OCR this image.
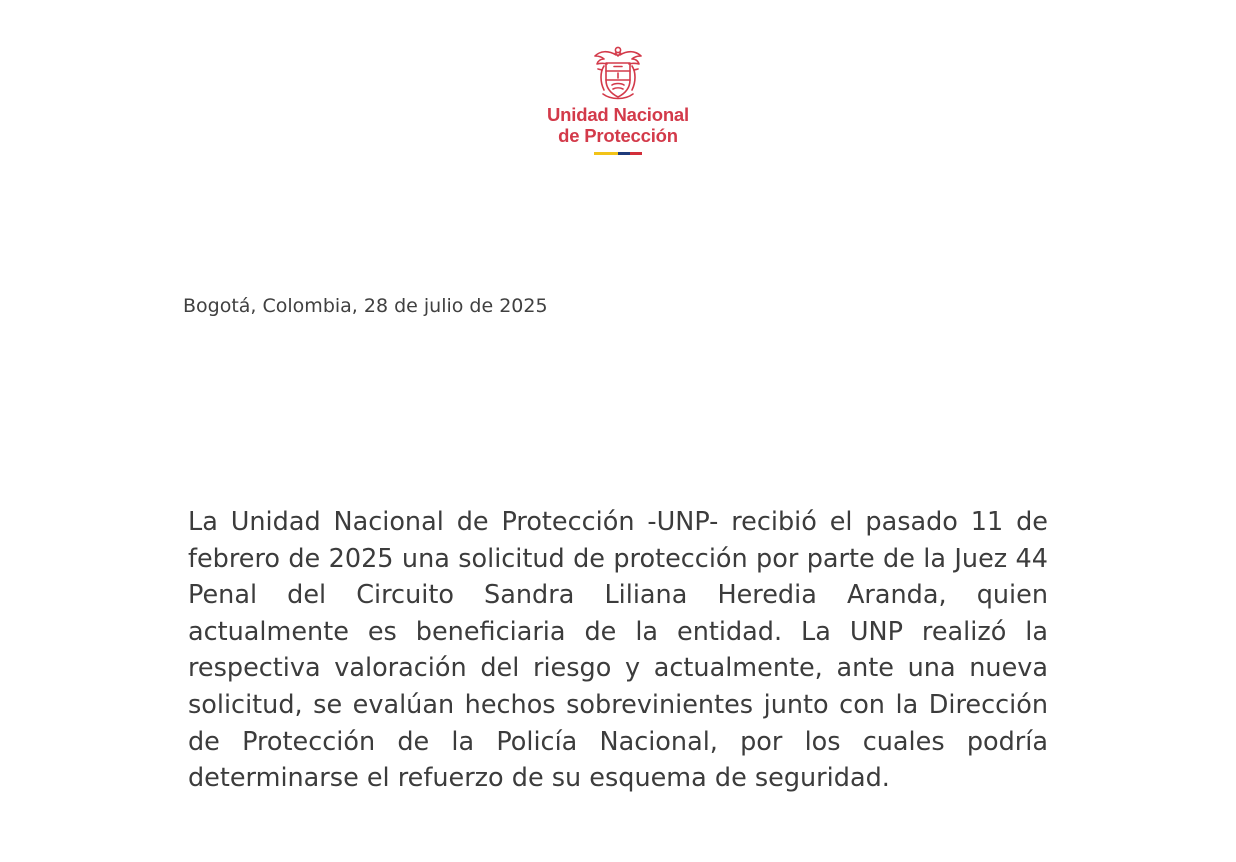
Unidad Nacional
de Protección
Bogotá, Colombia, 28 de julio de 2025

La Unidad Nacional de Protección -UNP- recibió el pasado 11 de febrero de 2025 una solicitud de protección por parte de la Juez 44 Penal del Circuito Sandra Liliana Heredia Aranda, quien actualmente es beneficiaria de la entidad. La UNP realizó la respectiva valoración del riesgo y actualmente, ante una nueva solicitud, se evalúan hechos sobrevinientes junto con la Dirección de Protección de la Policía Nacional, por los cuales podría determinarse el refuerzo de su esquema de seguridad.
